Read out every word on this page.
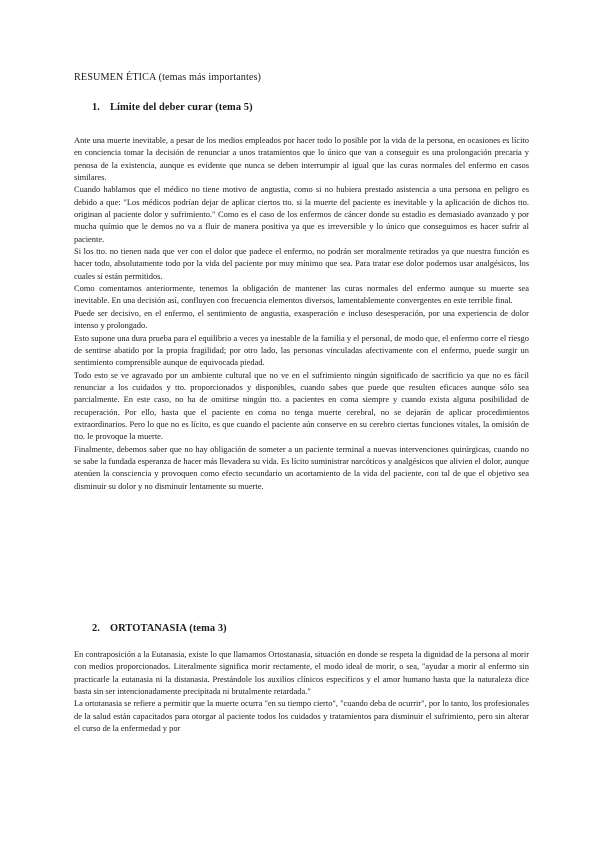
RESUMEN ÉTICA (temas más importantes)
1. Límite del deber curar (tema 5)

Ante una muerte inevitable, a pesar de los medios empleados por hacer todo lo posible por la vida de la persona, en ocasiones es lícito en conciencia tomar la decisión de renunciar a unos tratamientos que lo único que van a conseguir es una prolongación precaria y penosa de la existencia, aunque es evidente que nunca se deben interrumpir al igual que las curas normales del enfermo en casos similares.

Cuando hablamos que el médico no tiene motivo de angustia, como si no hubiera prestado asistencia a una persona en peligro es debido a que: "Los médicos podrían dejar de aplicar ciertos tto. si la muerte del paciente es inevitable y la aplicación de dichos tto. originan al paciente dolor y sufrimiento." Como es el caso de los enfermos de cáncer donde su estadio es demasiado avanzado y por mucha químio que le demos no va a fluir de manera positiva ya que es irreversible y lo único que conseguimos es hacer sufrir al paciente.

Si los tto. no tienen nada que ver con el dolor que padece el enfermo, no podrán ser moralmente retirados ya que nuestra función es hacer todo, absolutamente todo por la vida del paciente por muy mínimo que sea. Para tratar ese dolor podemos usar analgésicos, los cuales sí están permitidos.

Como comentamos anteriormente, tenemos la obligación de mantener las curas normales del enfermo aunque su muerte sea inevitable. En una decisión así, confluyen con frecuencia elementos diversos, lamentablemente convergentes en este terrible final.

Puede ser decisivo, en el enfermo, el sentimiento de angustia, exasperación e incluso desesperación, por una experiencia de dolor intenso y prolongado.

Esto supone una dura prueba para el equilibrio a veces ya inestable de la familia y el personal, de modo que, el enfermo corre el riesgo de sentirse abatido por la propia fragilidad; por otro lado, las personas vinculadas afectivamente con el enfermo, puede surgir un sentimiento comprensible aunque de equivocada piedad.

Todo esto se ve agravado por un ambiente cultural que no ve en el sufrimiento ningún significado de sacrificio ya que no es fácil renunciar a los cuidados y tto. proporcionados y disponibles, cuando sabes que puede que resulten eficaces aunque sólo sea parcialmente. En este caso, no ha de omitirse ningún tto. a pacientes en coma siempre y cuando exista alguna posibilidad de recuperación. Por ello, hasta que el paciente en coma no tenga muerte cerebral, no se dejarán de aplicar procedimientos extraordinarios. Pero lo que no es lícito, es que cuando el paciente aún conserve en su cerebro ciertas funciones vitales, la omisión de tto. le provoque la muerte.

Finalmente, debemos saber que no hay obligación de someter a un paciente terminal a nuevas intervenciones quirúrgicas, cuando no se sabe la fundada esperanza de hacer más llevadera su vida. Es lícito suministrar narcóticos y analgésicos que alivien el dolor, aunque atenúen la consciencia y provoquen como efecto secundario un acortamiento de la vida del paciente, con tal de que el objetivo sea disminuir su dolor y no disminuir lentamente su muerte.

2. ORTOTANASIA (tema 3)

En contraposición a la Eutanasia, existe lo que llamamos Ortostanasia, situación en donde se respeta la dignidad de la persona al morir con medios proporcionados. Literalmente significa morir rectamente, el modo ideal de morir, o sea, "ayudar a morir al enfermo sin practicarle la eutanasia ni la distanasia. Prestándole los auxilios clínicos específicos y el amor humano hasta que la naturaleza dice basta sin ser intencionadamente precipitada ni brutalmente retardada."

La ortotanasia se refiere a permitir que la muerte ocurra "en su tiempo cierto", "cuando deba de ocurrir", por lo tanto, los profesionales de la salud están capacitados para otorgar al paciente todos los cuidados y tratamientos para disminuir el sufrimiento, pero sin alterar el curso de la enfermedad y por
